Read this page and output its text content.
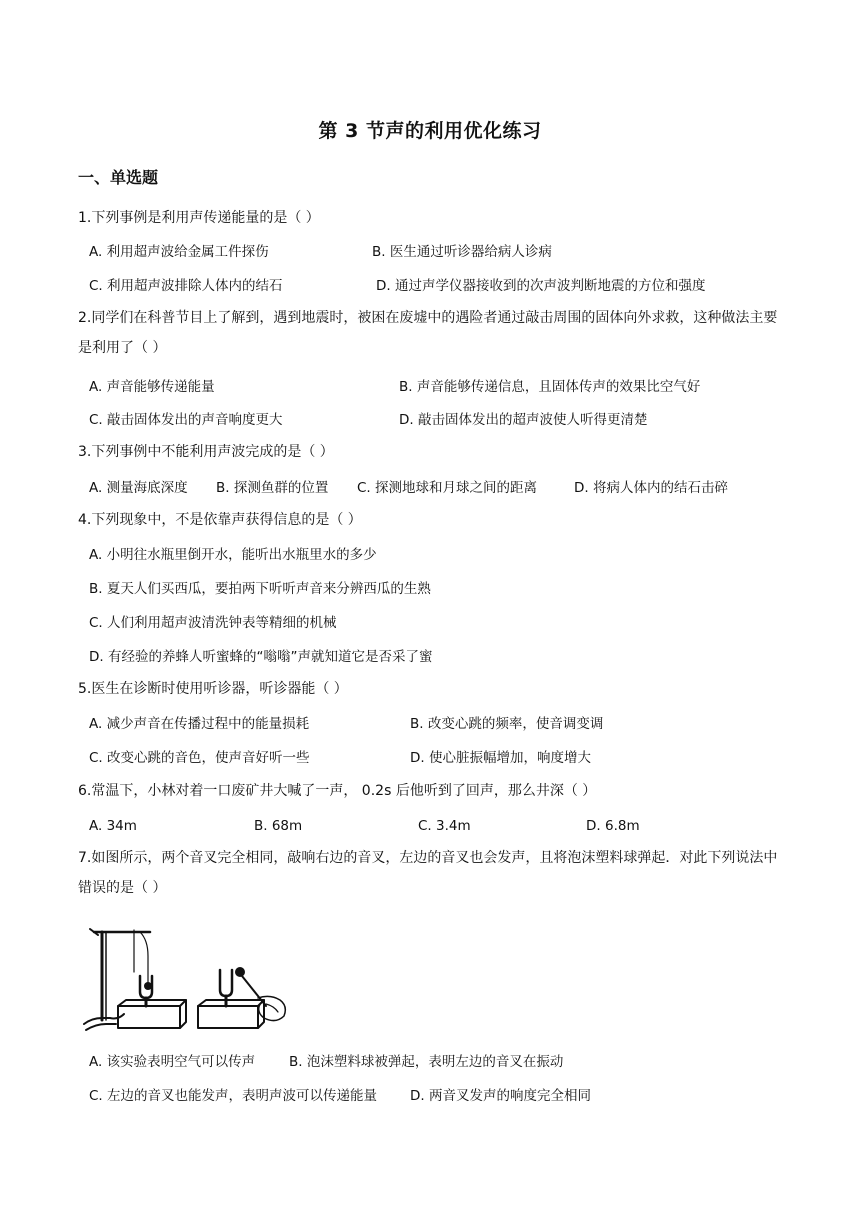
第 3 节声的利用优化练习
一、单选题
1.下列事例是利用声传递能量的是（ ）
A. 利用超声波给金属工件探伤	B. 医生通过听诊器给病人诊病
C. 利用超声波排除人体内的结石	D. 通过声学仪器接收到的次声波判断地震的方位和强度
2.同学们在科普节目上了解到，遇到地震时，被困在废墟中的遇险者通过敲击周围的固体向外求救，这种做法主要是利用了（ ）
A. 声音能够传递能量	B. 声音能够传递信息，且固体传声的效果比空气好
C. 敲击固体发出的声音响度更大	D. 敲击固体发出的超声波使人听得更清楚
3.下列事例中不能利用声波完成的是（ ）
A. 测量海底深度 B. 探测鱼群的位置 C. 探测地球和月球之间的距离	D. 将病人体内的结石击碎
4.下列现象中，不是依靠声获得信息的是（ ）
A. 小明往水瓶里倒开水，能听出水瓶里水的多少
B. 夏天人们买西瓜，要拍两下听听声音来分辨西瓜的生熟
C. 人们利用超声波清洗钟表等精细的机械
D. 有经验的养蜂人听蜜蜂的“嗡嗡”声就知道它是否采了蜜
5.医生在诊断时使用听诊器，听诊器能（ ）
A. 减少声音在传播过程中的能量损耗	B. 改变心跳的频率，使音调变调
C. 改变心跳的音色，使声音好听一些	D. 使心脏振幅增加，响度增大
6.常温下，小林对着一口废矿井大喊了一声， 0.2s 后他听到了回声，那么井深（ ）
A. 34m	B. 68m	C. 3.4m	D. 6.8m
7.如图所示，两个音叉完全相同，敲响右边的音叉，左边的音叉也会发声，且将泡沫塑料球弹起．对此下列说法中错误的是（ ）
A. 该实验表明空气可以传声	B. 泡沫塑料球被弹起，表明左边的音叉在振动
C. 左边的音叉也能发声，表明声波可以传递能量 D. 两音叉发声的响度完全相同
